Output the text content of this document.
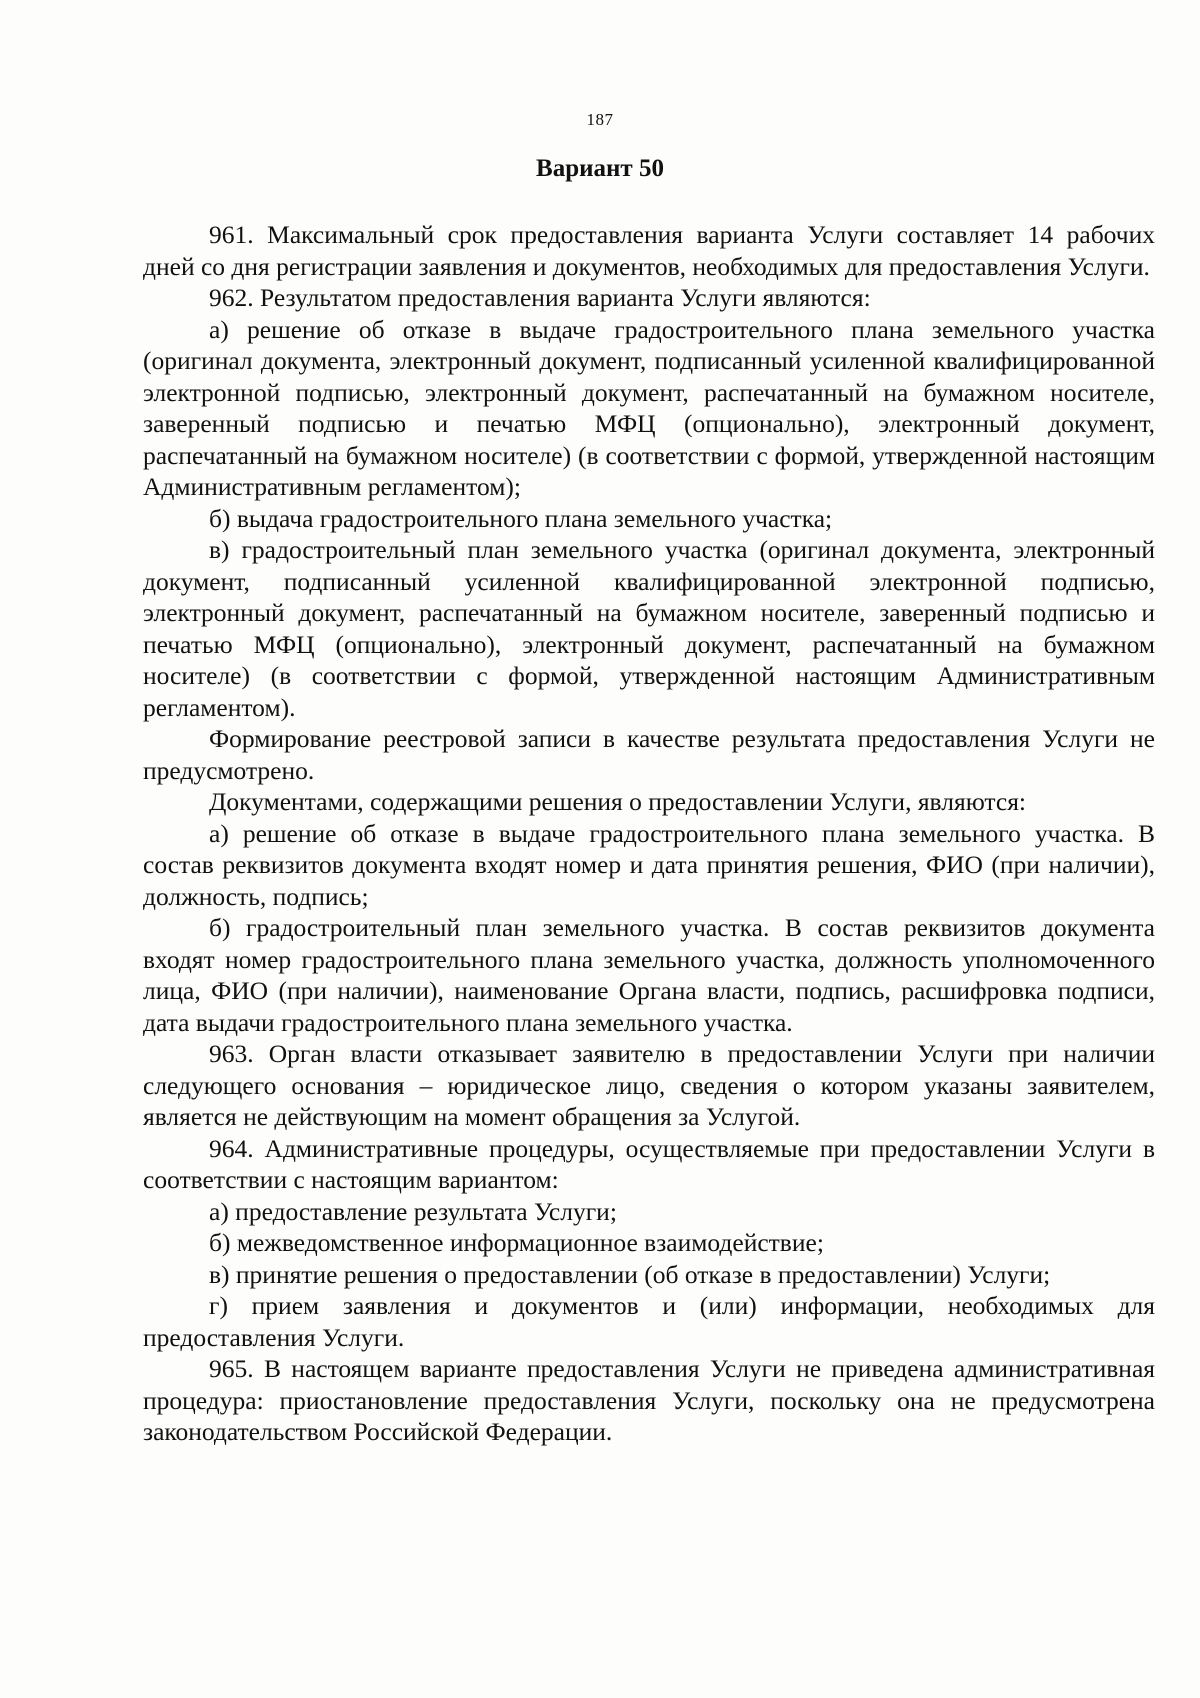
187
Вариант 50

961. Максимальный срок предоставления варианта Услуги составляет 14 рабочих дней со дня регистрации заявления и документов, необходимых для предоставления Услуги.

962. Результатом предоставления варианта Услуги являются:

а) решение об отказе в выдаче градостроительного плана земельного участка (оригинал документа, электронный документ, подписанный усиленной квалифицированной электронной подписью, электронный документ, распечатанный на бумажном носителе, заверенный подписью и печатью МФЦ (опционально), электронный документ, распечатанный на бумажном носителе) (в соответствии с формой, утвержденной настоящим Административным регламентом);

б) выдача градостроительного плана земельного участка;

в) градостроительный план земельного участка (оригинал документа, электронный документ, подписанный усиленной квалифицированной электронной подписью, электронный документ, распечатанный на бумажном носителе, заверенный подписью и печатью МФЦ (опционально), электронный документ, распечатанный на бумажном носителе) (в соответствии с формой, утвержденной настоящим Административным регламентом).

Формирование реестровой записи в качестве результата предоставления Услуги не предусмотрено.

Документами, содержащими решения о предоставлении Услуги, являются:

а) решение об отказе в выдаче градостроительного плана земельного участка. В состав реквизитов документа входят номер и дата принятия решения, ФИО (при наличии), должность, подпись;

б) градостроительный план земельного участка. В состав реквизитов документа входят номер градостроительного плана земельного участка, должность уполномоченного лица, ФИО (при наличии), наименование Органа власти, подпись, расшифровка подписи, дата выдачи градостроительного плана земельного участка.

963. Орган власти отказывает заявителю в предоставлении Услуги при наличии следующего основания – юридическое лицо, сведения о котором указаны заявителем, является не действующим на момент обращения за Услугой.

964. Административные процедуры, осуществляемые при предоставлении Услуги в соответствии с настоящим вариантом:

а) предоставление результата Услуги;

б) межведомственное информационное взаимодействие;

в) принятие решения о предоставлении (об отказе в предоставлении) Услуги;

г) прием заявления и документов и (или) информации, необходимых для предоставления Услуги.

965. В настоящем варианте предоставления Услуги не приведена административная процедура: приостановление предоставления Услуги, поскольку она не предусмотрена законодательством Российской Федерации.
